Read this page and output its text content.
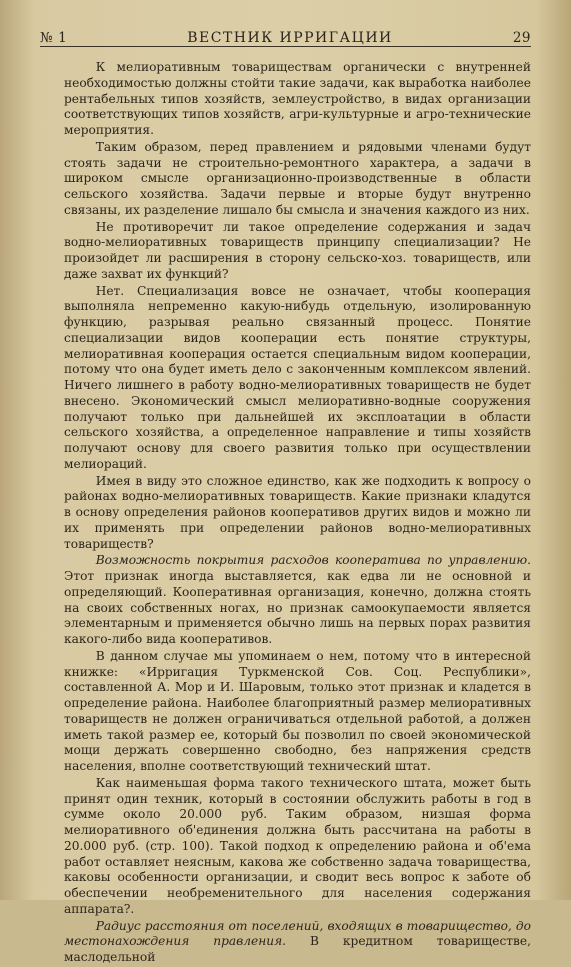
№ 1	ВЕСТНИК ИРРИГАЦИИ	29

К мелиоративным товариществам органически с внутренней необходимостью должны стойти такие задачи, как выработка наиболее рентабельных типов хозяйств, землеустройство, в видах организации соответствующих типов хозяйств, агри-культурные и агро-технические мероприятия.

Таким образом, перед правлением и рядовыми членами будут стоять задачи не строительно-ремонтного характера, а задачи в широком смысле организационно-производственные в области сельского хозяйства. Задачи первые и вторые будут внутренно связаны, их разделение лишало бы смысла и значения каждого из них.

Не противоречит ли такое определение содержания и задач водно-мелиоративных товариществ принципу специализации? Не произойдет ли расширения в сторону сельско-хоз. товариществ, или даже захват их функций?

Нет. Специализация вовсе не означает, чтобы кооперация выполняла непременно какую-нибудь отдельную, изолированную функцию, разрывая реально связанный процесс. Понятие специализации видов кооперации есть понятие структуры, мелиоративная кооперация остается специальным видом кооперации, потому что она будет иметь дело с законченным комплексом явлений. Ничего лишнего в работу водно-мелиоративных товариществ не будет внесено. Экономический смысл мелиоративно-водные сооружения получают только при дальнейшей их эксплоатации в области сельского хозяйства, а определенное направление и типы хозяйств получают основу для своего развития только при осуществлении мелиораций.

Имея в виду это сложное единство, как же подходить к вопросу о районах водно-мелиоративных товариществ. Какие признаки кладутся в основу определения районов кооперативов других видов и можно ли их применять при определении районов водно-мелиоративных товариществ?

Возможность покрытия расходов кооператива по управлению. Этот признак иногда выставляется, как едва ли не основной и определяющий. Кооперативная организация, конечно, должна стоять на своих собственных ногах, но признак самоокупаемости является элементарным и применяется обычно лишь на первых порах развития какого-либо вида кооперативов.

В данном случае мы упоминаем о нем, потому что в интересной книжке: «Ирригация Туркменской Сов. Соц. Республики», составленной А. Мор и И. Шаровым, только этот признак и кладется в определение района. Наиболее благоприятный размер мелиоративных товариществ не должен ограничиваться отдельной работой, а должен иметь такой размер ее, который бы позволил по своей экономической мощи держать совершенно свободно, без напряжения средств населения, вполне соответствующий технический штат.

Как наименьшая форма такого технического штата, может быть принят один техник, который в состоянии обслужить работы в год в сумме около 20.000 руб. Таким образом, низшая форма мелиоративного об'единения должна быть рассчитана на работы в 20.000 руб. (стр. 100). Такой подход к определению района и об'ема работ оставляет неясным, какова же собственно задача товарищества, каковы особенности организации, и сводит весь вопрос к заботе об обеспечении необременительного для населения содержания аппарата?.

Радиус расстояния от поселений, входящих в товарищество, до местонахождения правления. В кредитном товариществе, маслодельной
